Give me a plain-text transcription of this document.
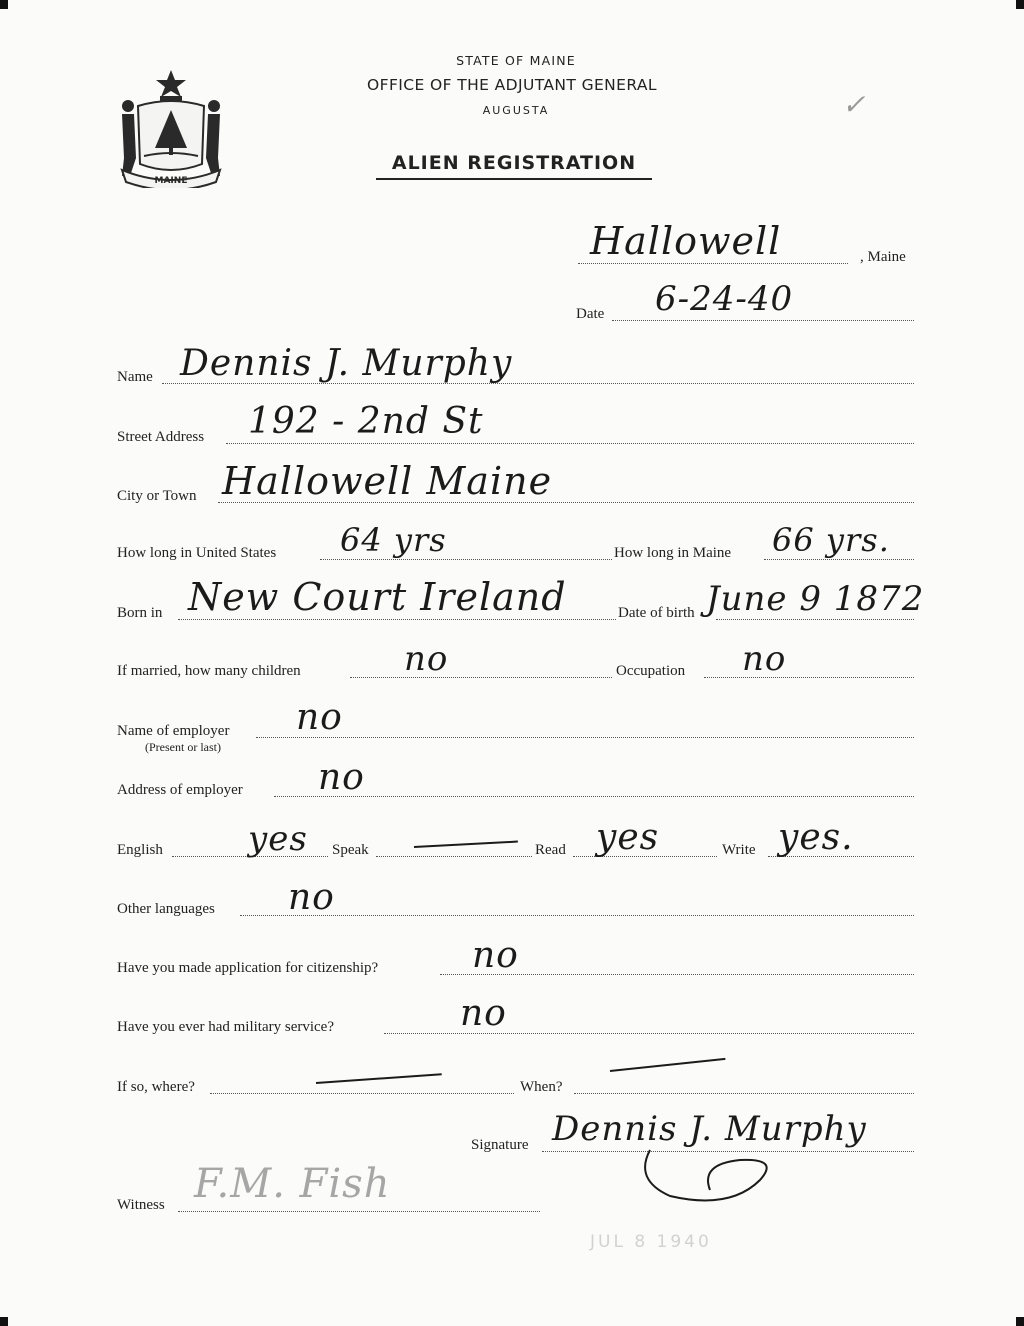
MAINE
STATE OF MAINE
OFFICE OF THE ADJUTANT GENERAL
AUGUSTA
ALIEN REGISTRATION
✓
Hallowell	, Maine
Date 6-24-40
Name Dennis J. Murphy
Street Address 192 - 2nd St
City or Town Hallowell Maine
How long in United States 64 yrs	How long in Maine 66 yrs.
Born in New Court Ireland	Date of birth June 9 1872
If married, how many children	no	Occupation no
Name of employer
(Present or last)
no
Address of employer no
English	yes Speak	Read yes	Write yes.
Other languages no
Have you made application for citizenship?	no
Have you ever had military service?	no
If so, where?	When?
Signature Dennis J. Murphy
Witness F.M. Fish
JUL 8 1940
